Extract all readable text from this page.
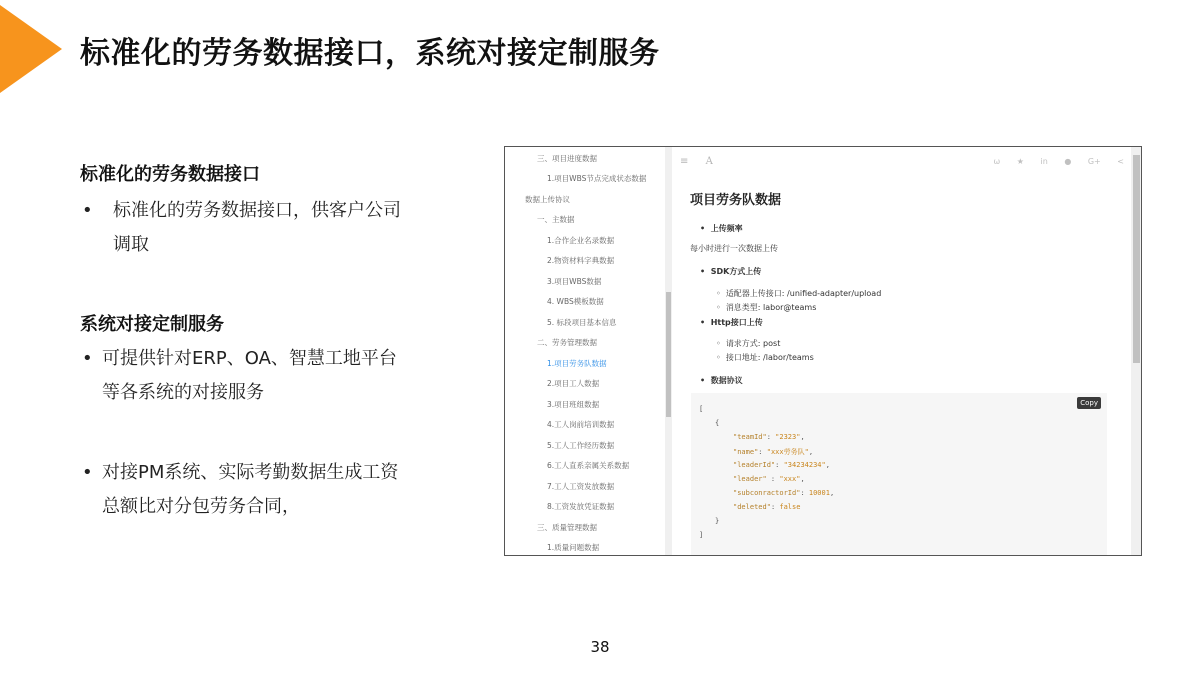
标准化的劳务数据接口，系统对接定制服务

标准化的劳务数据接口

• 标准化的劳务数据接口，供客户公司
调取

系统对接定制服务

• 可提供针对ERP、OA、智慧工地平台
等各系统的对接服务
• 对接PM系统、实际考勤数据生成工资
总额比对分包劳务合同，
三、项目进度数据
1.项目WBS节点完成状态数据
数据上传协议
一、主数据
1.合作企业名录数据
2.物资材料字典数据
3.项目WBS数据
4. WBS模板数据
5. 标段项目基本信息
二、劳务管理数据
1.项目劳务队数据
2.项目工人数据
3.项目班组数据
4.工人岗前培训数据
5.工人工作经历数据
6.工人直系亲属关系数据
7.工人工资发放数据
8.工资发放凭证数据
三、质量管理数据
1.质量问题数据
≡ A	ω ★ in ● G+ <
项目劳务队数据
•  上传频率
每小时进行一次数据上传
•  SDK方式上传
◦  适配器上传接口: /unified-adapter/upload
◦  消息类型: labor@teams
•  Http接口上传
◦  请求方式: post
◦  接口地址: /labor/teams
•  数据协议
Copy
[
{
"teamId": "2323",
"name": "xxx劳务队",
"leaderId": "34234234",
"leader" : "xxx",
"subconractorId": 10001,
"deleted": false
}
]
38
